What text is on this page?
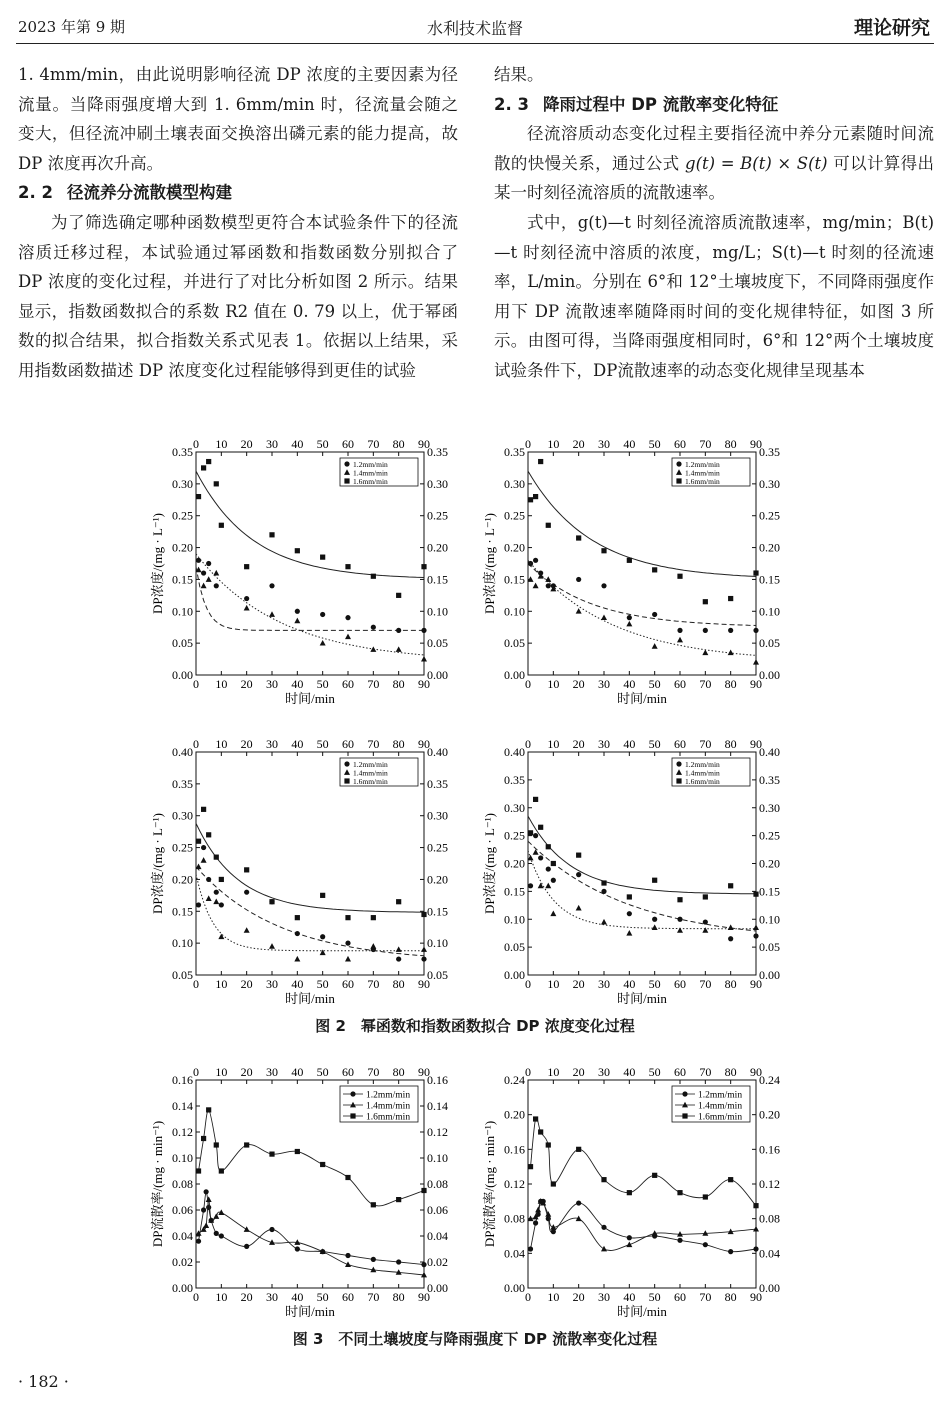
2023 年第 9 期	水利技术监督	理论研究

1. 4mm/min，由此说明影响径流 DP 浓度的主要因素为径流量。当降雨强度增大到 1. 6mm/min 时，径流量会随之变大，但径流冲刷土壤表面交换溶出磷元素的能力提高，故 DP 浓度再次升高。

2. 2 径流养分流散模型构建

为了筛选确定哪种函数模型更符合本试验条件下的径流溶质迁移过程，本试验通过幂函数和指数函数分别拟合了 DP 浓度的变化过程，并进行了对比分析如图 2 所示。结果显示，指数函数拟合的系数 R2 值在 0. 79 以上，优于幂函数的拟合结果，拟合指数关系式见表 1。依据以上结果，采用指数函数描述 DP 浓度变化过程能够得到更佳的试验

结果。

2. 3 降雨过程中 DP 流散率变化特征

径流溶质动态变化过程主要指径流中养分元素随时间流散的快慢关系，通过公式 g(t) = B(t) × S(t) 可以计算得出某一时刻径流溶质的流散速率。

式中，g(t)—t 时刻径流溶质流散速率，mg/min；B(t)—t 时刻径流中溶质的浓度，mg/L；S(t)—t 时刻的径流速率，L/min。分别在 6°和 12°土壤坡度下，不同降雨强度作用下 DP 流散速率随降雨时间的变化规律特征，如图 3 所示。由图可得，当降雨强度相同时，6°和 12°两个土壤坡度试验条件下，DP流散速率的动态变化规律呈现基本

0
0
10
10
20
20
30
30
40
40
50
50
60
60
70
70
80
80
90
90
0.00	0.00
0.05	0.05
0.10	0.10
0.15	0.15
0.20	0.20
0.25	0.25
0.30	0.30
0.35	0.35
时间/min
DP浓度/(mg · L⁻¹)
1.2mm/min
1.4mm/min
1.6mm/min
0
0
10
10
20
20
30
30
40
40
50
50
60
60
70
70
80
80
90
90
0.00	0.00
0.05	0.05
0.10	0.10
0.15	0.15
0.20	0.20
0.25	0.25
0.30	0.30
0.35	0.35
时间/min
DP浓度/(mg · L⁻¹)
1.2mm/min
1.4mm/min
1.6mm/min
0
0
10
10
20
20
30
30
40
40
50
50
60
60
70
70
80
80
90
90
0.05	0.05
0.10	0.10
0.15	0.15
0.20	0.20
0.25	0.25
0.30	0.30
0.35	0.35
0.40	0.40
时间/min
DP浓度/(mg · L⁻¹)
1.2mm/min
1.4mm/min
1.6mm/min
0
0
10
10
20
20
30
30
40
40
50
50
60
60
70
70
80
80
90
90
0.00	0.00
0.05	0.05
0.10	0.10
0.15	0.15
0.20	0.20
0.25	0.25
0.30	0.30
0.35	0.35
0.40	0.40
时间/min
DP浓度/(mg · L⁻¹)
1.2mm/min
1.4mm/min
1.6mm/min
图 2　幂函数和指数函数拟合 DP 浓度变化过程
0
0
10
10
20
20
30
30
40
40
50
50
60
60
70
70
80
80
90
90
0.00	0.00
0.02	0.02
0.04	0.04
0.06	0.06
0.08	0.08
0.10	0.10
0.12	0.12
0.14	0.14
0.16	0.16
时间/min
DP流散率/(mg · min⁻¹)
1.2mm/min
1.4mm/min
1.6mm/min
0
0
10
10
20
20
30
30
40
40
50
50
60
60
70
70
80
80
90
90
0.00	0.00
0.04	0.04
0.08	0.08
0.12	0.12
0.16	0.16
0.20	0.20
0.24	0.24
时间/min
DP流散率/(mg · min⁻¹)
1.2mm/min
1.4mm/min
1.6mm/min
图 3　不同土壤坡度与降雨强度下 DP 流散率变化过程
· 182 ·
